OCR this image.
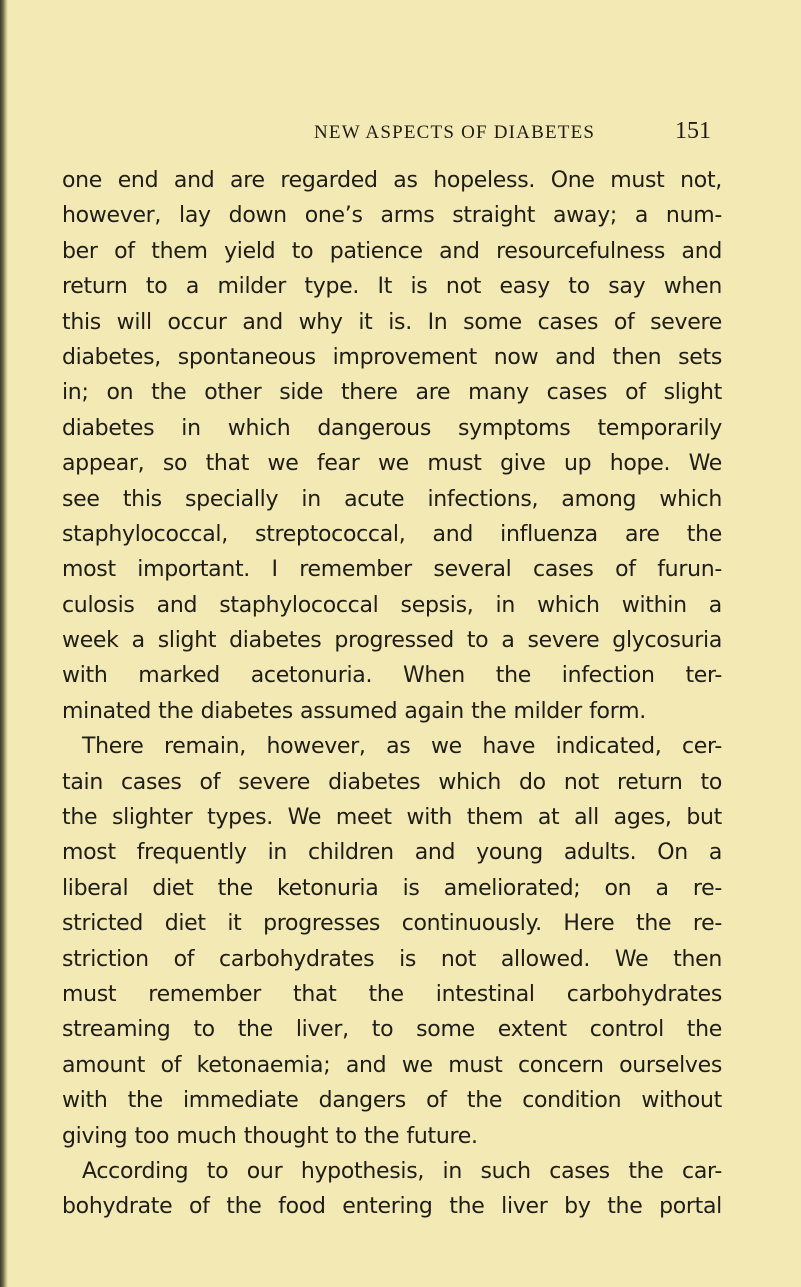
NEW ASPECTS OF DIABETES	151
one end and are regarded as hopeless. One must not,
however, lay down one’s arms straight away; a num-
ber of them yield to patience and resourcefulness and
return to a milder type. It is not easy to say when
this will occur and why it is. In some cases of severe
diabetes, spontaneous improvement now and then sets
in; on the other side there are many cases of slight
diabetes in which dangerous symptoms temporarily
appear, so that we fear we must give up hope. We
see this specially in acute infections, among which
staphylococcal, streptococcal, and influenza are the
most important. I remember several cases of furun-
culosis and staphylococcal sepsis, in which within a
week a slight diabetes progressed to a severe glycosuria
with marked acetonuria. When the infection ter-
minated the diabetes assumed again the milder form.
There remain, however, as we have indicated, cer-
tain cases of severe diabetes which do not return to
the slighter types. We meet with them at all ages, but
most frequently in children and young adults. On a
liberal diet the ketonuria is ameliorated; on a re-
stricted diet it progresses continuously. Here the re-
striction of carbohydrates is not allowed. We then
must remember that the intestinal carbohydrates
streaming to the liver, to some extent control the
amount of ketonaemia; and we must concern ourselves
with the immediate dangers of the condition without
giving too much thought to the future.
According to our hypothesis, in such cases the car-
bohydrate of the food entering the liver by the portal
